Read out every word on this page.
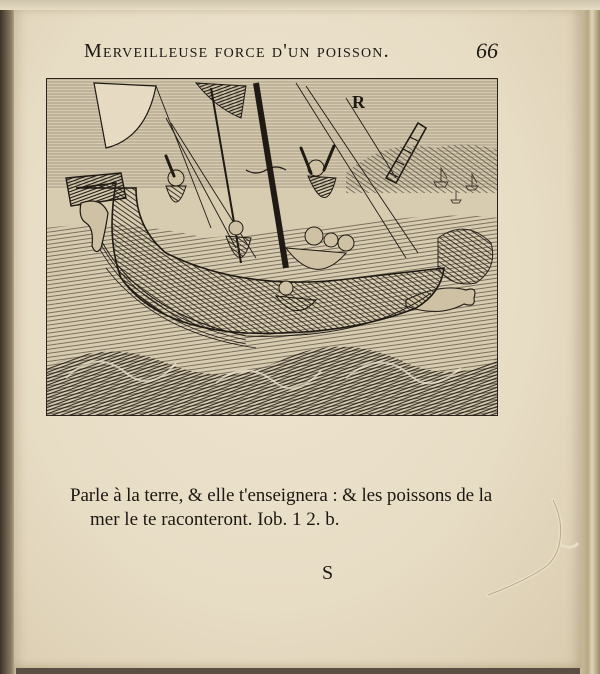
Merveilleuse force d'un poisson.	66
R
Parle à la terre, & elle t'enseignera : & les poissons de la
mer le te raconteront. Iob. 1 2. b.
S
